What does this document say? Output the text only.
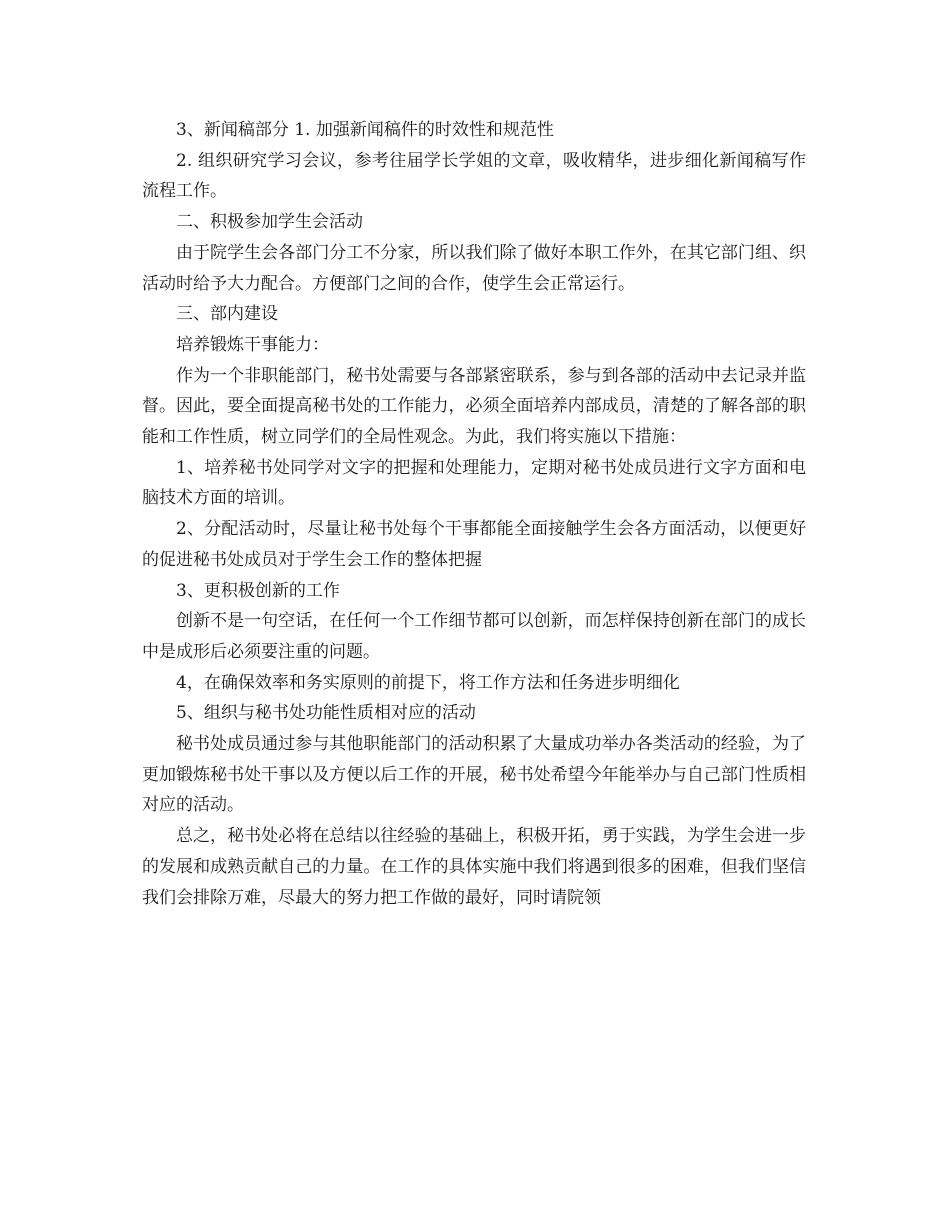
3、新闻稿部分 1. 加强新闻稿件的时效性和规范性

2. 组织研究学习会议，参考往届学长学姐的文章，吸收精华，进步细化新闻稿写作流程工作。

二、积极参加学生会活动

由于院学生会各部门分工不分家，所以我们除了做好本职工作外，在其它部门组、织活动时给予大力配合。方便部门之间的合作，使学生会正常运行。

三、部内建设

培养锻炼干事能力：

作为一个非职能部门，秘书处需要与各部紧密联系，参与到各部的活动中去记录并监督。因此，要全面提高秘书处的工作能力，必须全面培养内部成员，清楚的了解各部的职能和工作性质，树立同学们的全局性观念。为此，我们将实施以下措施：

1、培养秘书处同学对文字的把握和处理能力，定期对秘书处成员进行文字方面和电脑技术方面的培训。

2、分配活动时，尽量让秘书处每个干事都能全面接触学生会各方面活动，以便更好的促进秘书处成员对于学生会工作的整体把握

3、更积极创新的工作

创新不是一句空话，在任何一个工作细节都可以创新，而怎样保持创新在部门的成长中是成形后必须要注重的问题。

4，在确保效率和务实原则的前提下，将工作方法和任务进步明细化

5、组织与秘书处功能性质相对应的活动

秘书处成员通过参与其他职能部门的活动积累了大量成功举办各类活动的经验，为了更加锻炼秘书处干事以及方便以后工作的开展，秘书处希望今年能举办与自己部门性质相对应的活动。

总之，秘书处必将在总结以往经验的基础上，积极开拓，勇于实践，为学生会进一步的发展和成熟贡献自己的力量。在工作的具体实施中我们将遇到很多的困难，但我们坚信我们会排除万难，尽最大的努力把工作做的最好，同时请院领
